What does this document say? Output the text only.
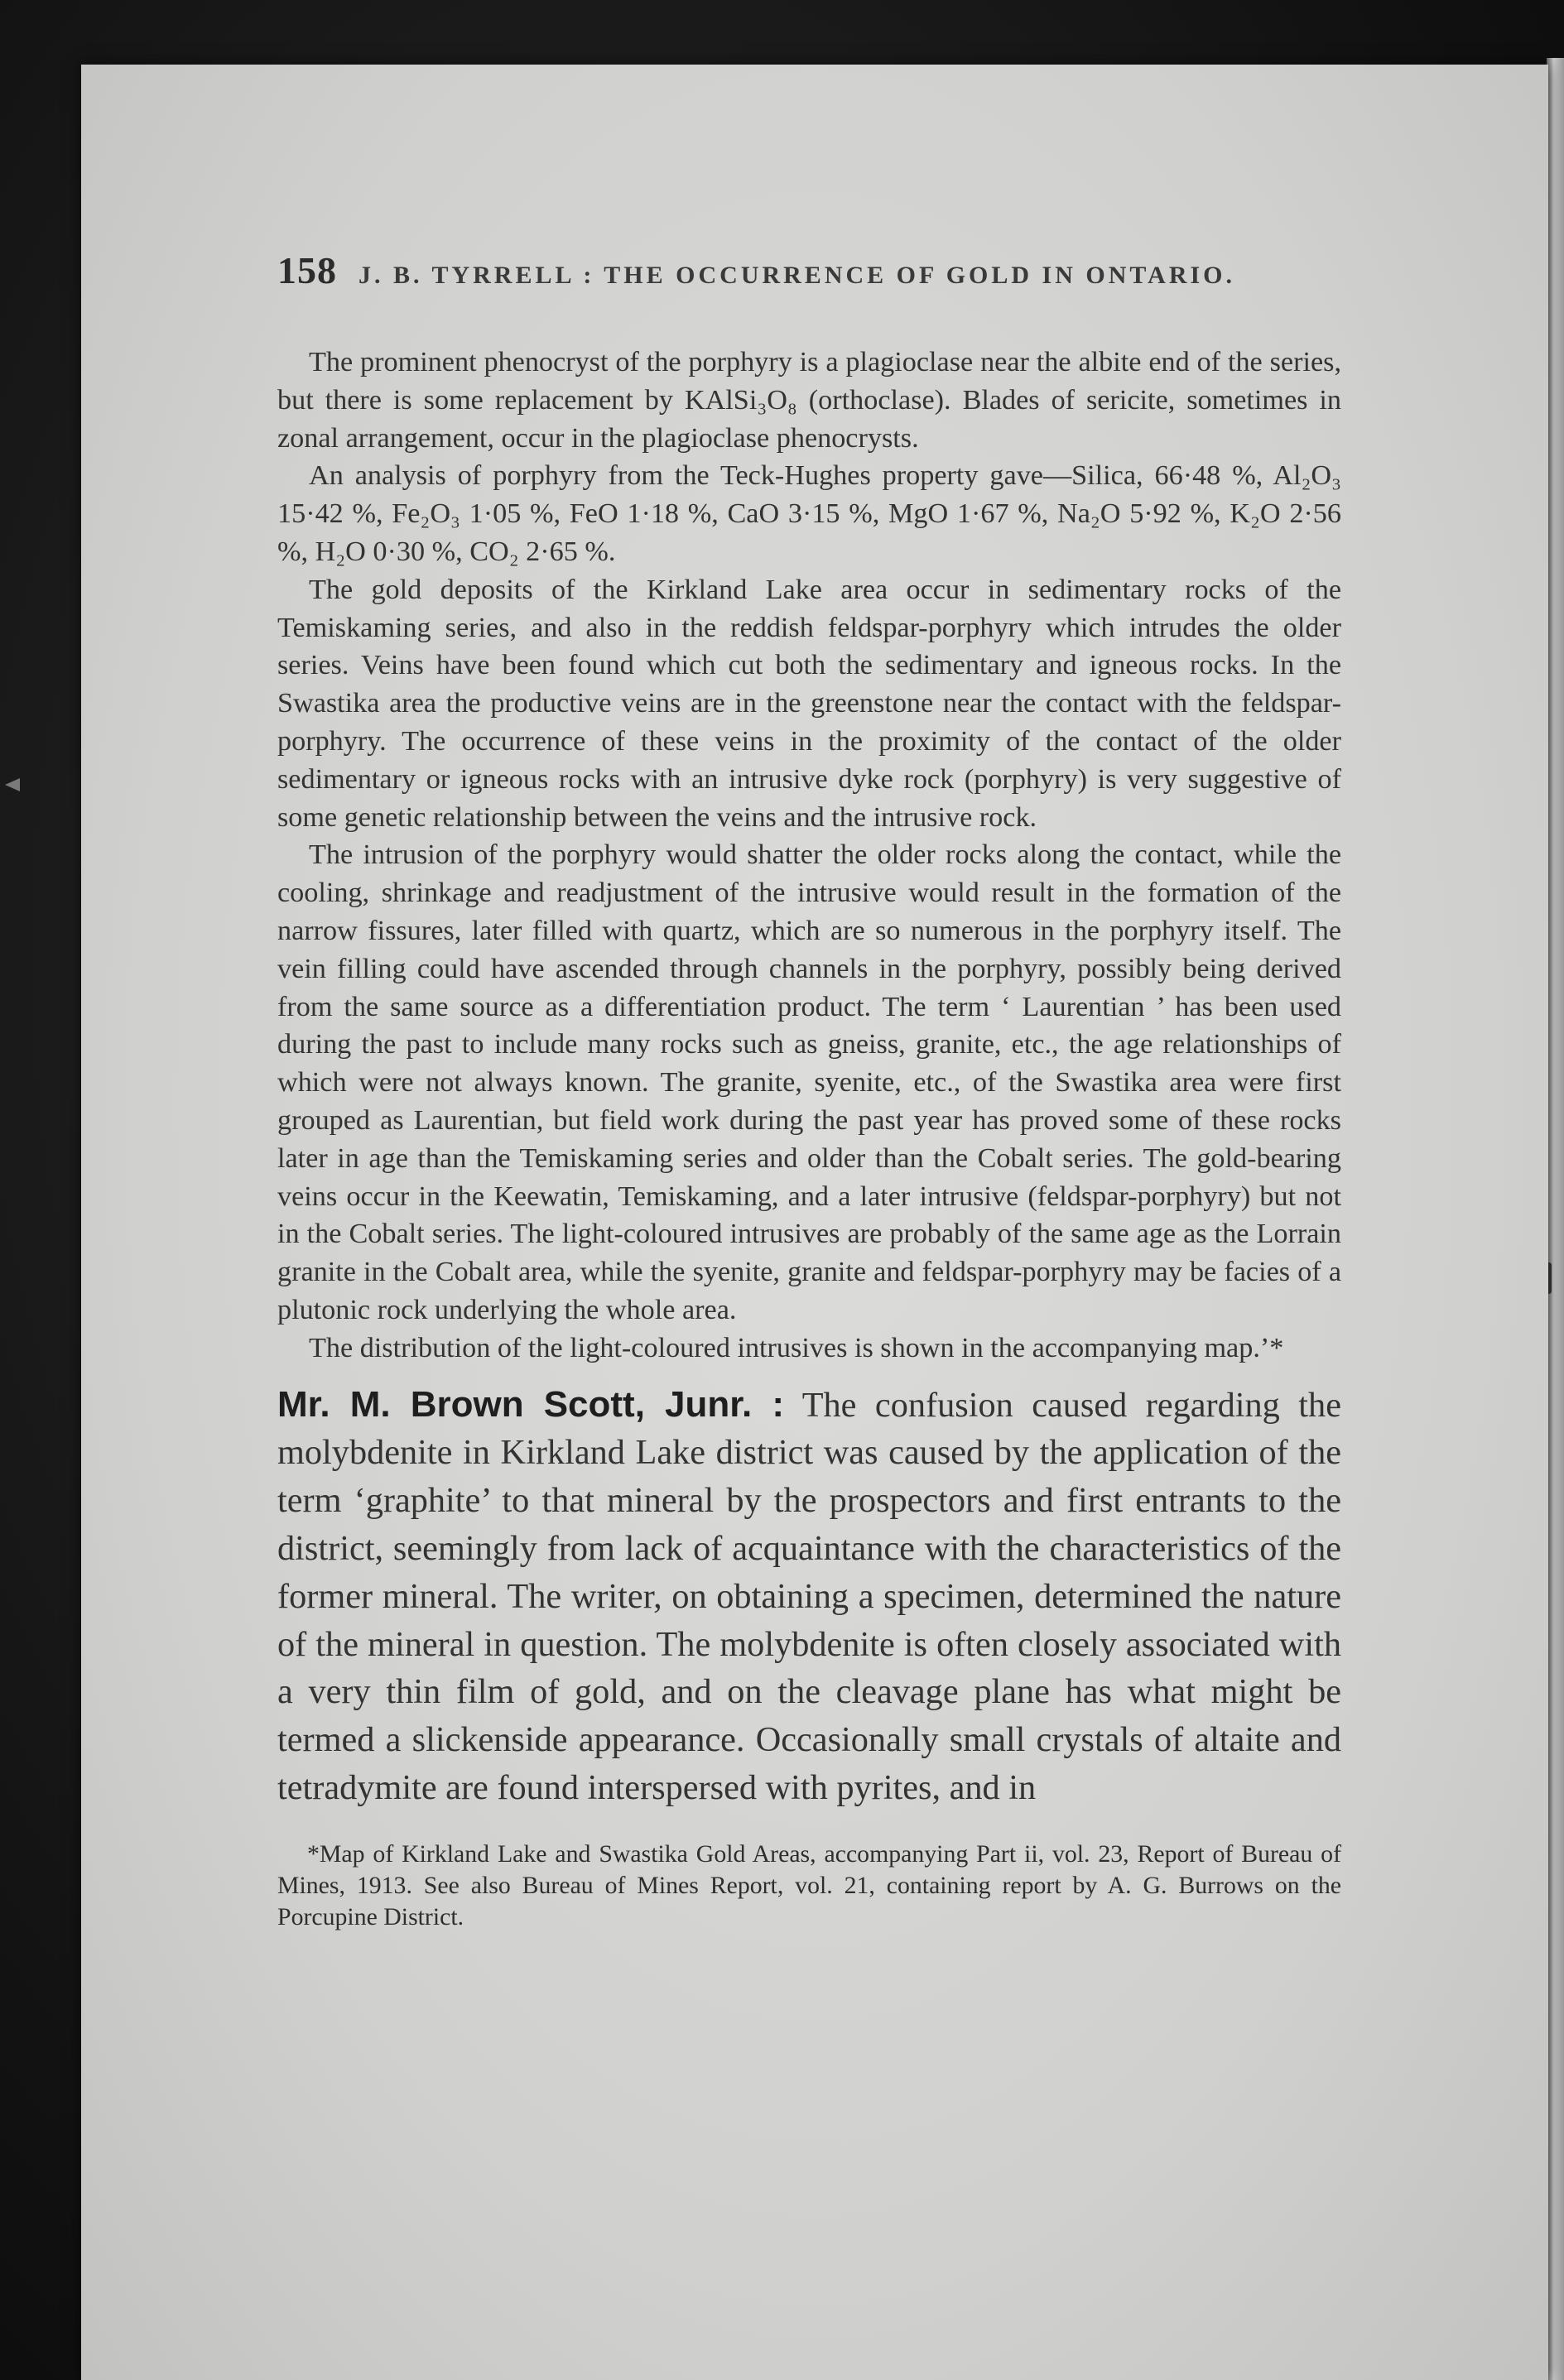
158 J. B. TYRRELL : THE OCCURRENCE OF GOLD IN ONTARIO.

The prominent phenocryst of the porphyry is a plagioclase near the albite end of the series, but there is some replacement by KAlSi₃O₈ (orthoclase). Blades of sericite, sometimes in zonal arrangement, occur in the plagioclase phenocrysts.

An analysis of porphyry from the Teck-Hughes property gave—Silica, 66·48 %, Al₂O₃ 15·42 %, Fe₂O₃ 1·05 %, FeO 1·18 %, CaO 3·15 %, MgO 1·67 %, Na₂O 5·92 %, K₂O 2·56 %, H₂O 0·30 %, CO₂ 2·65 %.

The gold deposits of the Kirkland Lake area occur in sedimentary rocks of the Temiskaming series, and also in the reddish feldspar-porphyry which intrudes the older series. Veins have been found which cut both the sedimentary and igneous rocks. In the Swastika area the productive veins are in the greenstone near the contact with the feldspar-porphyry. The occurrence of these veins in the proximity of the contact of the older sedimentary or igneous rocks with an intrusive dyke rock (porphyry) is very suggestive of some genetic relationship between the veins and the intrusive rock.

The intrusion of the porphyry would shatter the older rocks along the contact, while the cooling, shrinkage and readjustment of the intrusive would result in the formation of the narrow fissures, later filled with quartz, which are so numerous in the porphyry itself. The vein filling could have ascended through channels in the porphyry, possibly being derived from the same source as a differentiation product. The term ‘ Laurentian ’ has been used during the past to include many rocks such as gneiss, granite, etc., the age relationships of which were not always known. The granite, syenite, etc., of the Swastika area were first grouped as Laurentian, but field work during the past year has proved some of these rocks later in age than the Temiskaming series and older than the Cobalt series. The gold-bearing veins occur in the Keewatin, Temiskaming, and a later intrusive (feldspar-porphyry) but not in the Cobalt series. The light-coloured intrusives are probably of the same age as the Lorrain granite in the Cobalt area, while the syenite, granite and feldspar-porphyry may be facies of a plutonic rock underlying the whole area.

The distribution of the light-coloured intrusives is shown in the accompanying map.’*

Mr. M. Brown Scott, Junr. : The confusion caused regarding the molybdenite in Kirkland Lake district was caused by the application of the term ‘graphite’ to that mineral by the prospectors and first entrants to the district, seemingly from lack of acquaintance with the characteristics of the former mineral. The writer, on obtaining a specimen, determined the nature of the mineral in question. The molybdenite is often closely associated with a very thin film of gold, and on the cleavage plane has what might be termed a slickenside appearance. Occasionally small crystals of altaite and tetradymite are found interspersed with pyrites, and in

*Map of Kirkland Lake and Swastika Gold Areas, accompanying Part ii, vol. 23, Report of Bureau of Mines, 1913. See also Bureau of Mines Report, vol. 21, containing report by A. G. Burrows on the Porcupine District.
